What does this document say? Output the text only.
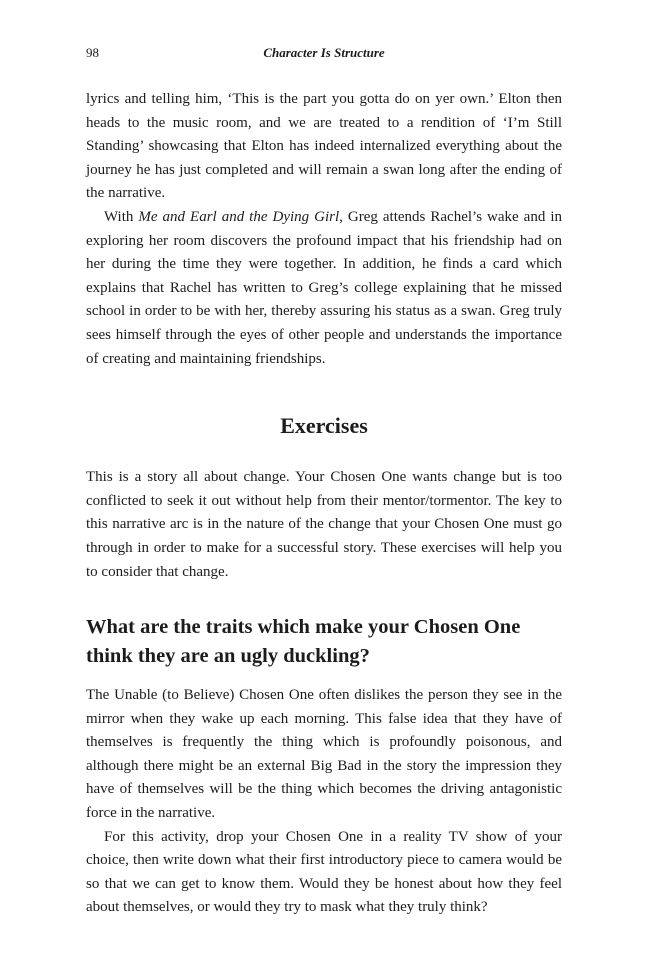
98	Character Is Structure

lyrics and telling him, ‘This is the part you gotta do on yer own.’ Elton then heads to the music room, and we are treated to a rendition of ‘I’m Still Standing’ showcasing that Elton has indeed internalized everything about the journey he has just completed and will remain a swan long after the ending of the narrative.

With Me and Earl and the Dying Girl, Greg attends Rachel’s wake and in exploring her room discovers the profound impact that his friendship had on her during the time they were together. In addition, he finds a card which explains that Rachel has written to Greg’s college explaining that he missed school in order to be with her, thereby assuring his status as a swan. Greg truly sees himself through the eyes of other people and understands the importance of creating and maintaining friendships.

Exercises

This is a story all about change. Your Chosen One wants change but is too conflicted to seek it out without help from their mentor/tormentor. The key to this narrative arc is in the nature of the change that your Chosen One must go through in order to make for a successful story. These exercises will help you to consider that change.

What are the traits which make your Chosen One think they are an ugly duckling?

The Unable (to Believe) Chosen One often dislikes the person they see in the mirror when they wake up each morning. This false idea that they have of themselves is frequently the thing which is profoundly poisonous, and although there might be an external Big Bad in the story the impression they have of themselves will be the thing which becomes the driving antagonistic force in the narrative.

For this activity, drop your Chosen One in a reality TV show of your choice, then write down what their first introductory piece to camera would be so that we can get to know them. Would they be honest about how they feel about themselves, or would they try to mask what they truly think?
